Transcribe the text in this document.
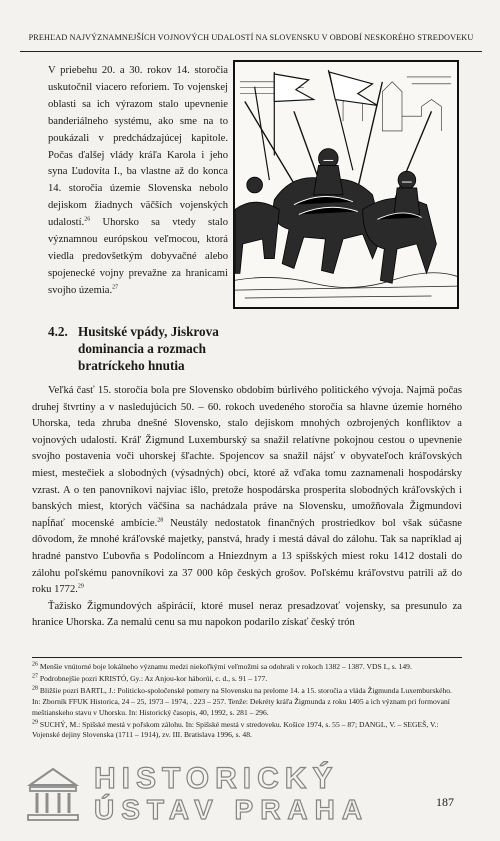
PREHĽAD NAJVÝZNAMNEJŠÍCH VOJNOVÝCH UDALOSTÍ NA SLOVENSKU V OBDOBÍ NESKORÉHO STREDOVEKU
V priebehu 20. a 30. rokov 14. storočia uskutočnil viacero reforiem. To vojenskej oblasti sa ich výrazom stalo upevnenie banderiálneho systému, ako sme na to poukázali v predchádzajúcej kapitole. Počas ďalšej vlády kráľa Karola i jeho syna Ľudovíta I., ba vlastne až do konca 14. storočia územie Slovenska nebolo dejiskom žiadnych väčších vojenských udalostí.$^{26}$ Uhorsko sa vtedy stalo významnou európskou veľmocou, ktorá viedla predovšetkým dobyvačné alebo spojenecké vojny prevažne za hranicami svojho územia.$^{27}$
4.2. Husitské vpády, Jiskrova
dominancia a rozmach
bratríckeho hnutia

Veľká časť 15. storočia bola pre Slovensko obdobím búrlivého politického vývoja. Najmä počas druhej štvrtiny a v nasledujúcich 50. – 60. rokoch uvedeného storočia sa hlavne územie horného Uhorska, teda zhruba dnešné Slovensko, stalo dejiskom mnohých ozbrojených konfliktov a vojnových udalostí. Kráľ Žigmund Luxemburský sa snažil relatívne pokojnou cestou o upevnenie svojho postavenia voči uhorskej šľachte. Spojencov sa snažil nájsť v obyvateľoch kráľovských miest, mestečiek a slobodných (výsadných) obcí, ktoré až vďaka tomu zaznamenali hospodársky vzrast. A o ten panovníkovi najviac išlo, pretože hospodárska prosperita slobodných kráľovských i banských miest, ktorých väčšina sa nachádzala práve na Slovensku, umožňovala Žigmundovi napĺňať mocenské ambície.$^{28}$ Neustály nedostatok finančných prostriedkov bol však súčasne dôvodom, že mnohé kráľovské majetky, panstvá, hrady i mestá dával do zálohu. Tak sa napríklad aj hradné panstvo Ľubovňa s Podolíncom a Hniezdnym a 13 spišských miest roku 1412 dostali do zálohu poľskému panovníkovi za 37 000 kôp českých grošov. Poľskému kráľovstvu patrili až do roku 1772.29

Ťažisko Žigmundových ašpirácií, ktoré musel neraz presadzovať vojensky, sa presunulo za hranice Uhorska. Za nemalú cenu sa mu napokon podarilo získať český trón

$^{26}$ Menšie vnútorné boje lokálneho významu medzi niekoľkými veľmožmi sa odohrali v rokoch 1382 – 1387. VDS I., s. 149.

$^{27}$ Podrobnejšie pozri KRISTÓ, Gy.: Az Anjou-kor háborúi, c. d., s. 91 – 177.

$^{28}$ Bližšie pozri BARTL, J.: Politicko-spoločenské pomery na Slovensku na prelome 14. a 15. storočia a vláda Žigmunda Luxemburského. In: Zborník FFUK Historica, 24 – 25, 1973 – 1974, . 223 – 257. Tenže: Dekréty kráľa Žigmunda z roku 1405 a ich význam pri formovaní meštianskeho stavu v Uhorsku. In: Historický časopis, 40, 1992, s. 281 – 296.

$^{29}$ SUCHÝ, M.: Spišské mestá v poľskom zálohu. In: Spišské mestá v stredoveku. Košice 1974, s. 55 – 87; DANGL, V. – SEGEŠ, V.: Vojenské dejiny Slovenska (1711 – 1914), zv. III. Bratislava 1996, s. 48.

HISTORICKÝ
ÚSTAV PRAHA	187
